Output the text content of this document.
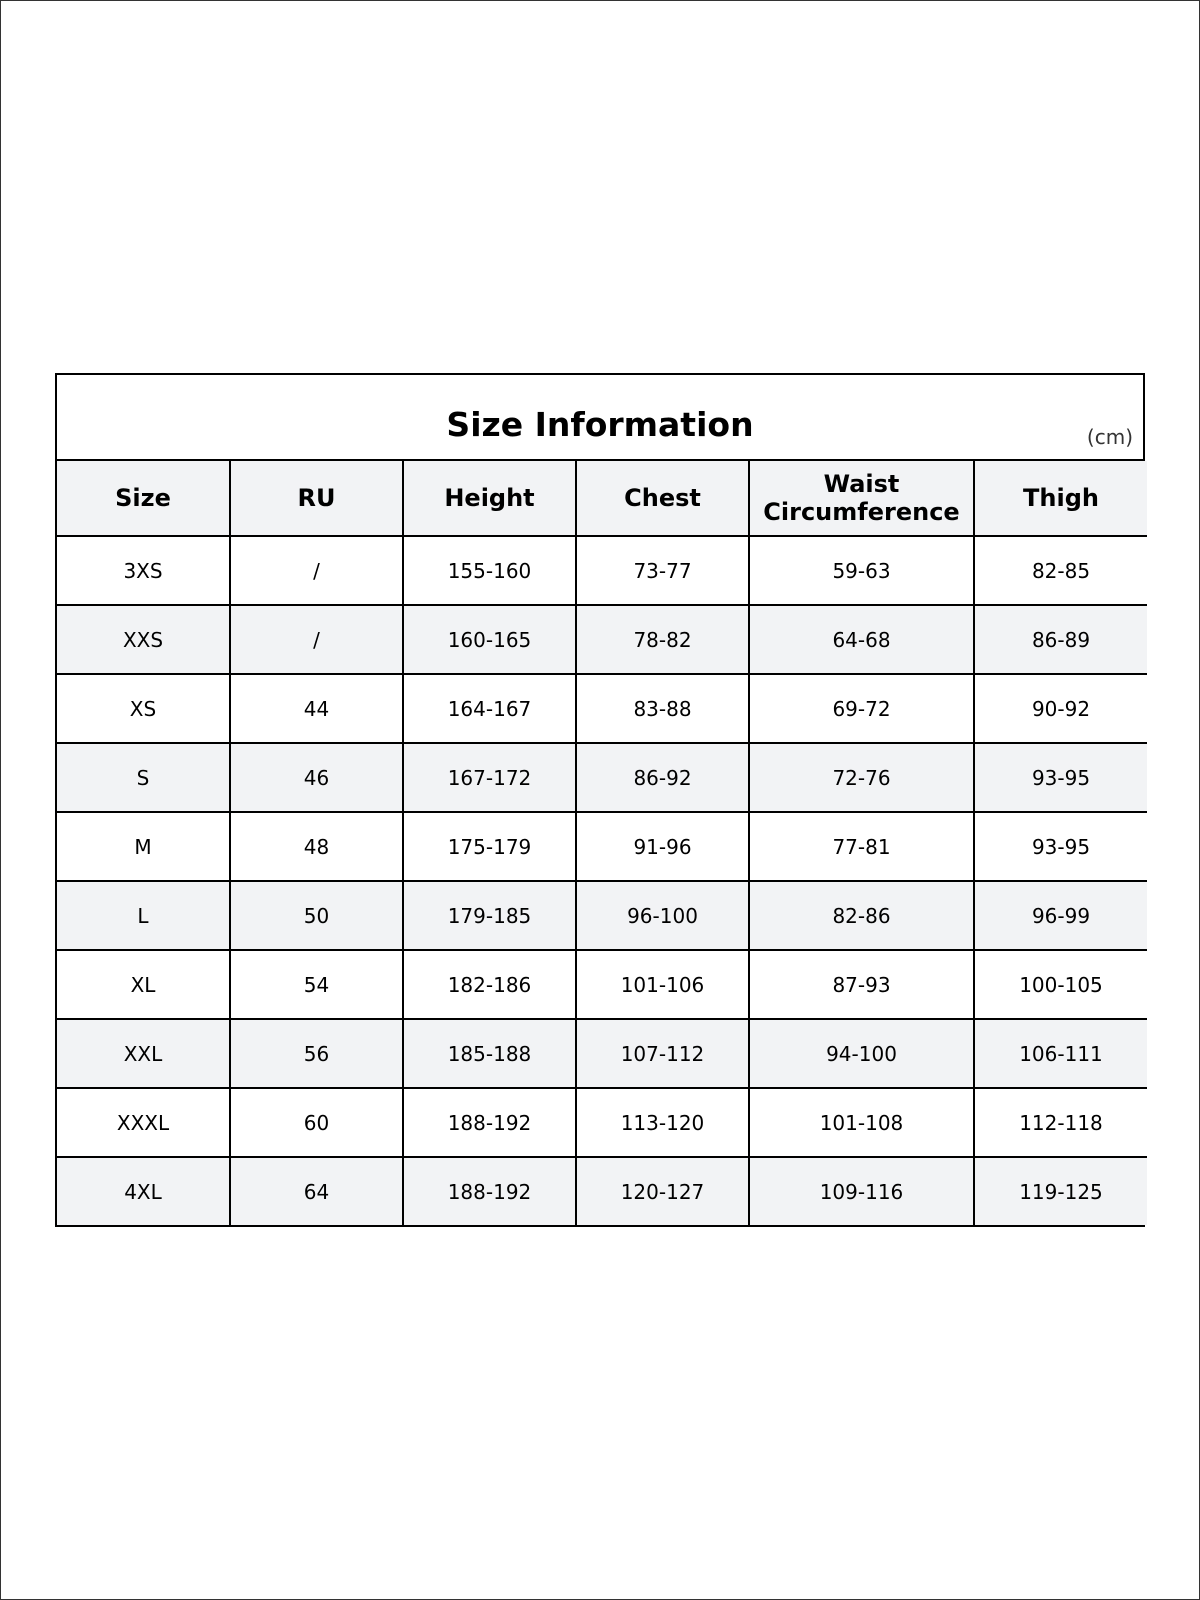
Size Information	(cm)
Size	RU	Height	Chest	Waist Circumference	Thigh
3XS	/	155-160	73-77	59-63	82-85
XXS	/	160-165	78-82	64-68	86-89
XS	44	164-167	83-88	69-72	90-92
S	46	167-172	86-92	72-76	93-95
M	48	175-179	91-96	77-81	93-95
L	50	179-185	96-100	82-86	96-99
XL	54	182-186	101-106	87-93	100-105
XXL	56	185-188	107-112	94-100	106-111
XXXL	60	188-192	113-120	101-108	112-118
4XL	64	188-192	120-127	109-116	119-125
